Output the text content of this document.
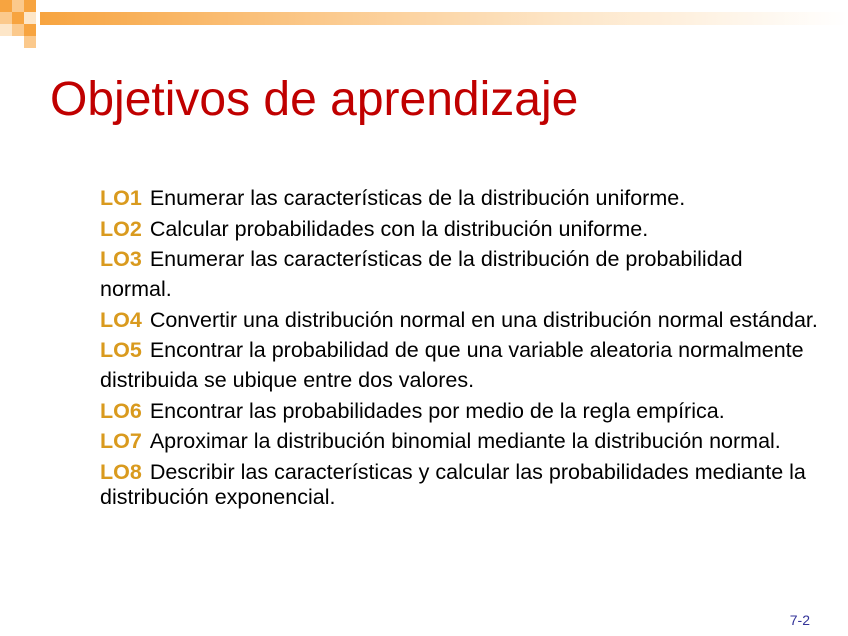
Objetivos de aprendizaje
LO1 Enumerar las características de la distribución uniforme.
LO2 Calcular probabilidades con la distribución uniforme.
LO3 Enumerar las características de la distribución de probabilidad normal.
LO4 Convertir una distribución normal en una distribución normal estándar.
LO5 Encontrar la probabilidad de que una variable aleatoria normalmente distribuida se ubique entre dos valores.
LO6 Encontrar las probabilidades por medio de la regla empírica.
LO7 Aproximar la distribución binomial mediante la distribución normal.
LO8 Describir las características y calcular las probabilidades mediante la distribución exponencial.
7-2
